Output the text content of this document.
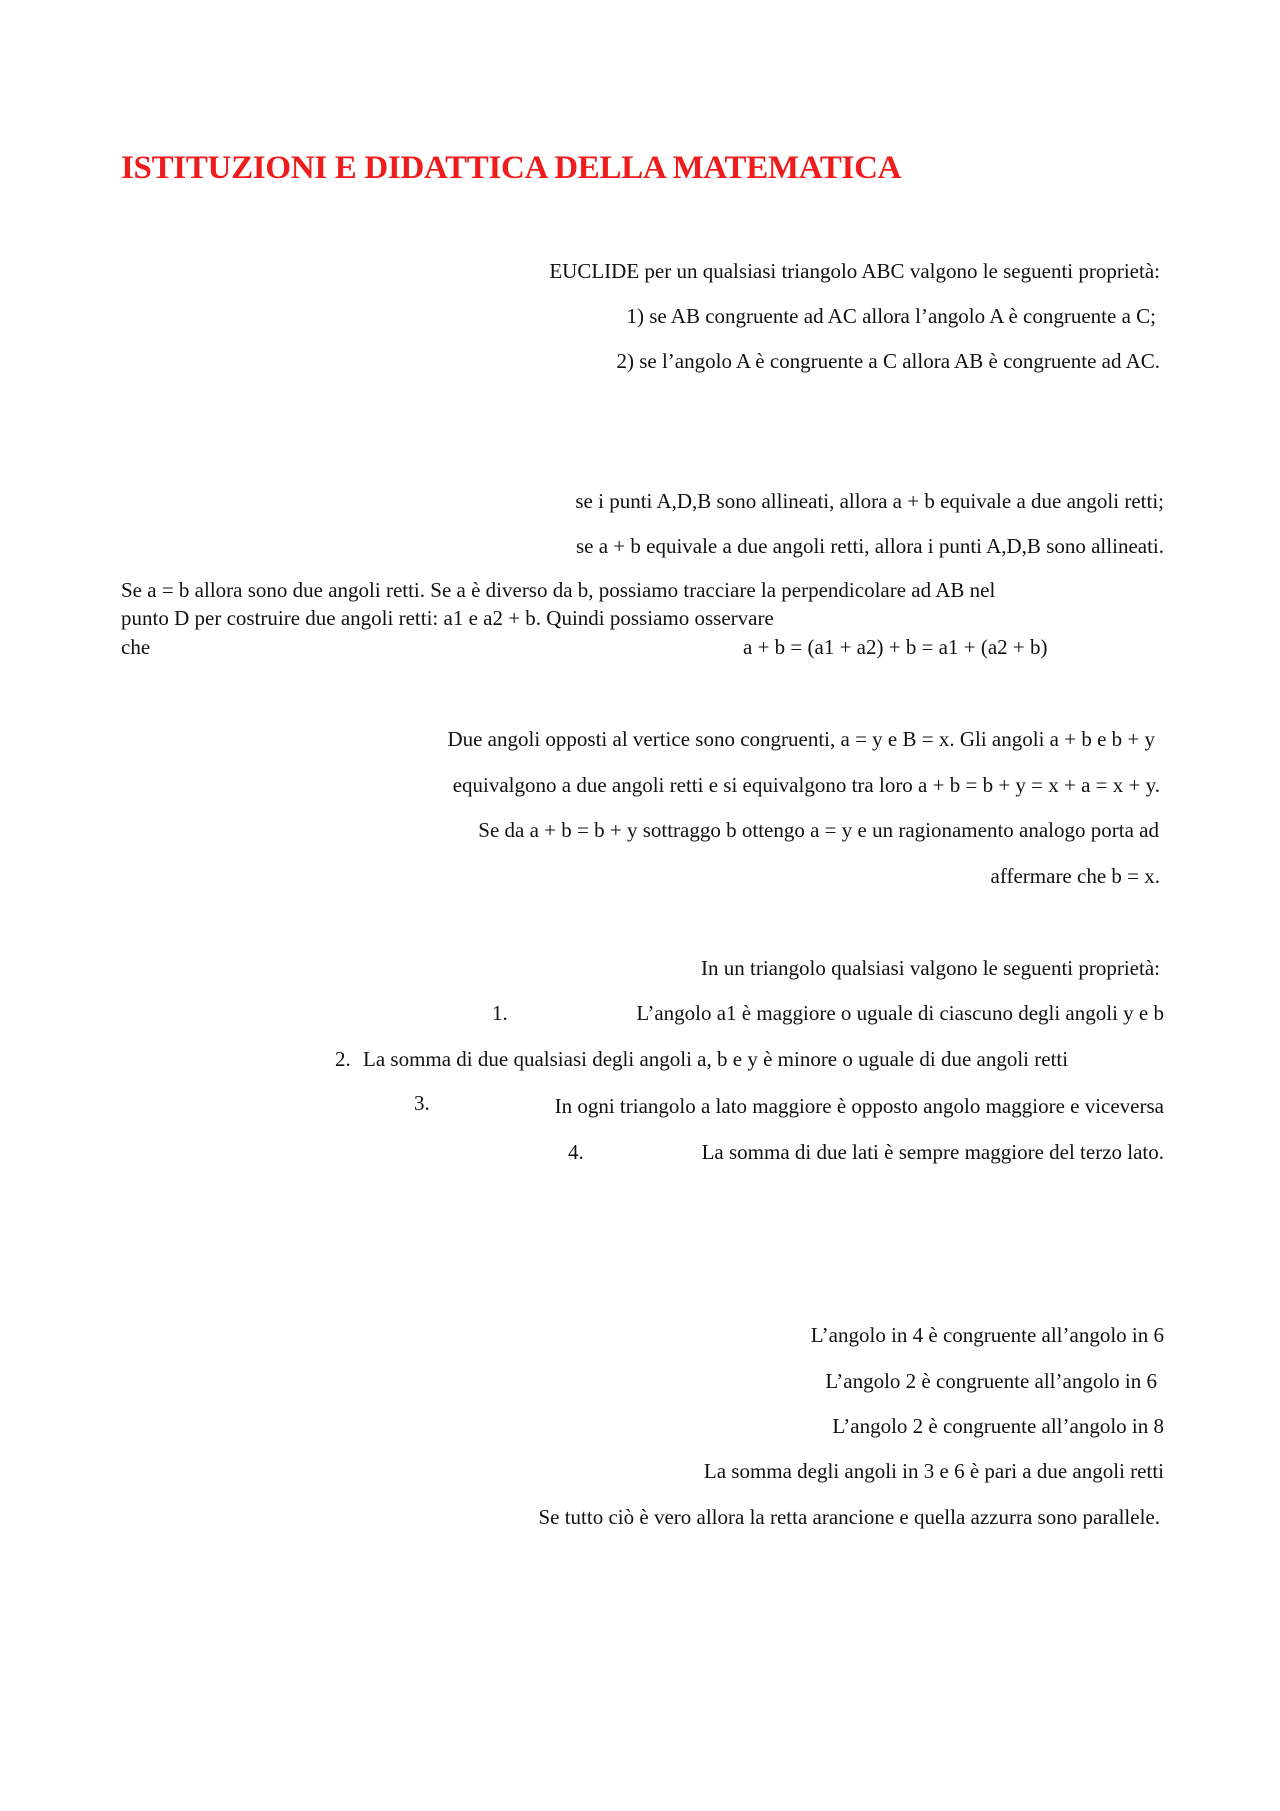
ISTITUZIONI E DIDATTICA DELLA MATEMATICA
EUCLIDE per un qualsiasi triangolo ABC valgono le seguenti proprietà:
1) se AB congruente ad AC allora l’angolo A è congruente a C;
2) se l’angolo A è congruente a C allora AB è congruente ad AC.
se i punti A,D,B sono allineati, allora a + b equivale a due angoli retti;
se a + b equivale a due angoli retti, allora i punti A,D,B sono allineati.
Se a = b allora sono due angoli retti. Se a è diverso da b, possiamo tracciare la perpendicolare ad AB nel
punto D per costruire due angoli retti: a1 e a2 + b. Quindi possiamo osservare
che	a + b = (a1 + a2) + b = a1 + (a2 + b)
Due angoli opposti al vertice sono congruenti, a = y e B = x. Gli angoli a + b e b + y
equivalgono a due angoli retti e si equivalgono tra loro a + b = b + y = x + a = x + y.
Se da a + b = b + y sottraggo b ottengo a = y e un ragionamento analogo porta ad
affermare che b = x.
In un triangolo qualsiasi valgono le seguenti proprietà:
1.	L’angolo a1 è maggiore o uguale di ciascuno degli angoli y e b
2. La somma di due qualsiasi degli angoli a, b e y è minore o uguale di due angoli retti
3.	In ogni triangolo a lato maggiore è opposto angolo maggiore e viceversa
4.	La somma di due lati è sempre maggiore del terzo lato.
L’angolo in 4 è congruente all’angolo in 6
L’angolo 2 è congruente all’angolo in 6
L’angolo 2 è congruente all’angolo in 8
La somma degli angoli in 3 e 6 è pari a due angoli retti
Se tutto ciò è vero allora la retta arancione e quella azzurra sono parallele.
